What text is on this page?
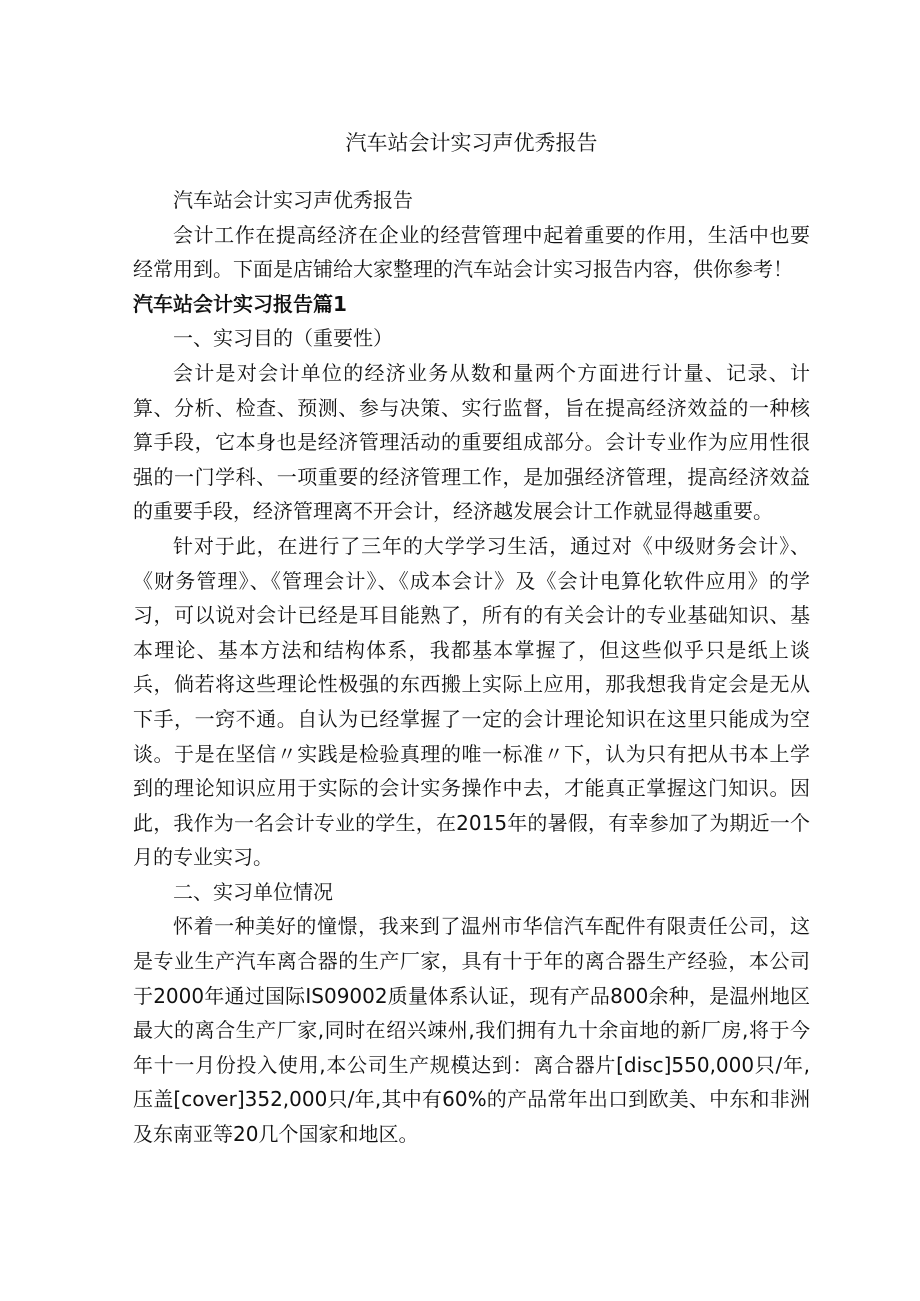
汽车站会计实习声优秀报告

汽车站会计实习声优秀报告

会计工作在提高经济在企业的经营管理中起着重要的作用，生活中也要经常用到。下面是店铺给大家整理的汽车站会计实习报告内容，供你参考！

汽车站会计实习报告篇1

一、实习目的（重要性）

会计是对会计单位的经济业务从数和量两个方面进行计量、记录、计算、分析、检查、预测、参与决策、实行监督，旨在提高经济效益的一种核算手段，它本身也是经济管理活动的重要组成部分。会计专业作为应用性很强的一门学科、一项重要的经济管理工作，是加强经济管理，提高经济效益的重要手段，经济管理离不开会计，经济越发展会计工作就显得越重要。

针对于此，在进行了三年的大学学习生活，通过对《中级财务会计》、《财务管理》、《管理会计》、《成本会计》及《会计电算化软件应用》的学习，可以说对会计已经是耳目能熟了，所有的有关会计的专业基础知识、基本理论、基本方法和结构体系，我都基本掌握了，但这些似乎只是纸上谈兵，倘若将这些理论性极强的东西搬上实际上应用，那我想我肯定会是无从下手，一窍不通。自认为已经掌握了一定的会计理论知识在这里只能成为空谈。于是在坚信〃实践是检验真理的唯一标准〃下，认为只有把从书本上学到的理论知识应用于实际的会计实务操作中去，才能真正掌握这门知识。因此，我作为一名会计专业的学生，在2015年的暑假，有幸参加了为期近一个月的专业实习。

二、实习单位情况

怀着一种美好的憧憬，我来到了温州市华信汽车配件有限责任公司，这是专业生产汽车离合器的生产厂家，具有十于年的离合器生产经验，本公司于2000年通过国际IS09002质量体系认证，现有产品800余种，是温州地区最大的离合生产厂家,同时在绍兴竦州,我们拥有九十余亩地的新厂房,将于今年十一月份投入使用,本公司生产规模达到：离合器片[disc]550,000只/年,压盖[cover]352,000只/年,其中有60%的产品常年出口到欧美、中东和非洲及东南亚等20几个国家和地区。
